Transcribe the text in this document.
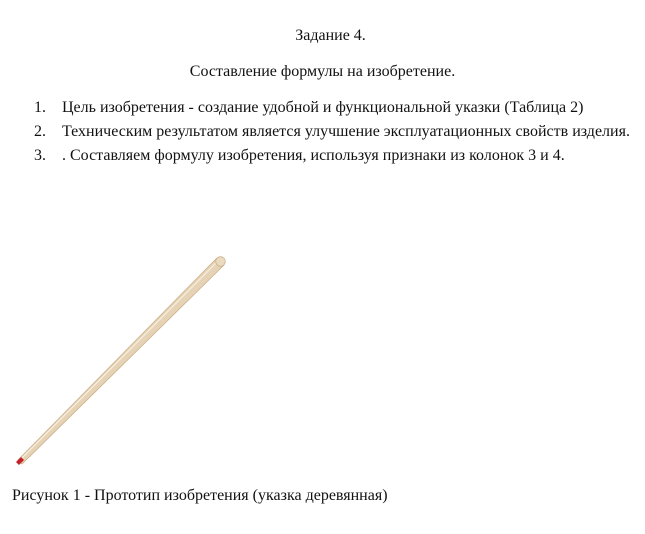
Задание 4.
Составление формулы на изобретение.
1. Цель изобретения - создание удобной и функциональной указки (Таблица 2)
2. Техническим результатом является улучшение эксплуатационных свойств изделия.
3. . Составляем формулу изобретения, используя признаки из колонок 3 и 4.
Рисунок 1 - Прототип изобретения (указка деревянная)
